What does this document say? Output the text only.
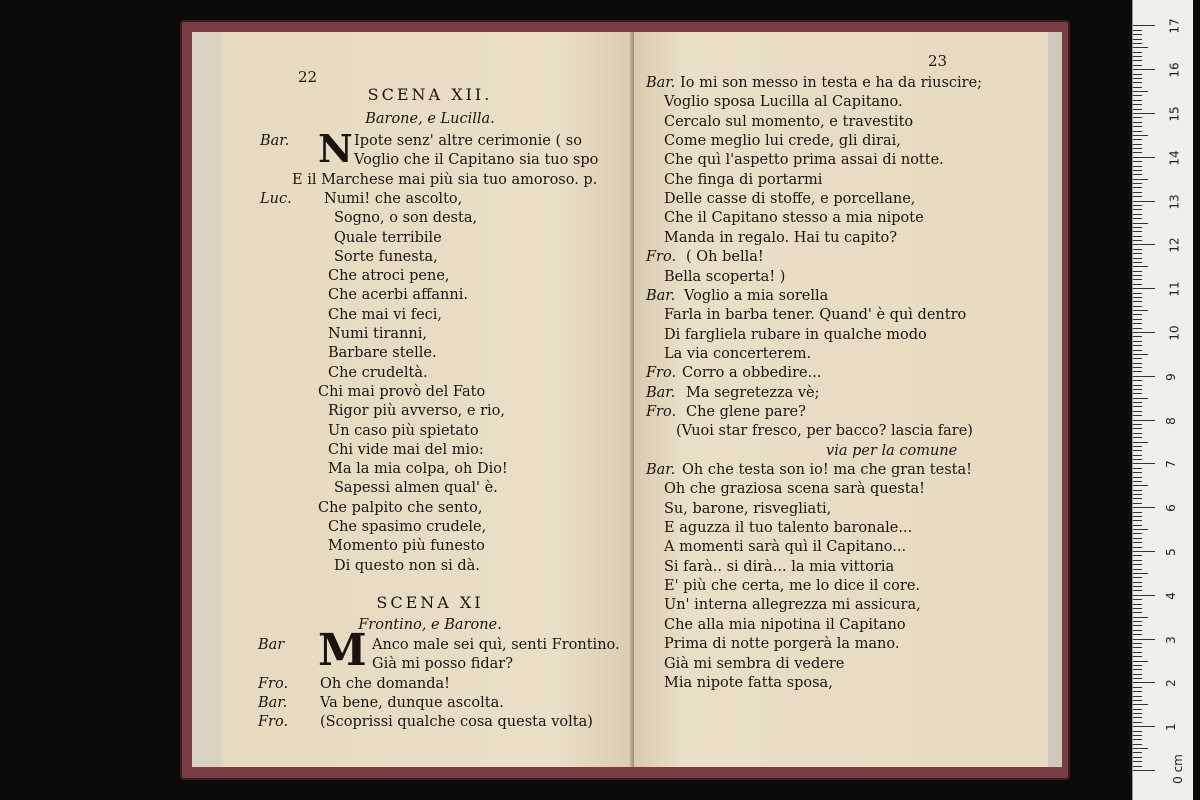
22
SCENA XII.
Barone, e Lucilla.
N
Bar.	Ipote senz' altre cerimonie ( so
Voglio che il Capitano sia tuo spo
E il Marchese mai più sia tuo amoroso. p.
Luc. Numi! che ascolto,
Sogno, o son desta,
Quale terribile
Sorte funesta,
Che atroci pene,
Che acerbi affanni.
Che mai vi feci,
Numi tiranni,
Barbare stelle.
Che crudeltà.
Chi mai provò del Fato
Rigor più avverso, e rio,
Un caso più spietato
Chi vide mai del mio:
Ma la mia colpa, oh Dio!
Sapessi almen qual' è.
Che palpito che sento,
Che spasimo crudele,
Momento più funesto
Di questo non si dà.
SCENA XI
Frontino, e Barone.
M
Bar	Anco male sei quì, senti Frontino.
Già mi posso fidar?
Fro. Oh che domanda!
Bar. Va bene, dunque ascolta.
Fro. (Scoprissi qualche cosa questa volta)
23
Bar. Io mi son messo in testa e ha da riuscire;
Voglio sposa Lucilla al Capitano.
Cercalo sul momento, e travestito
Come meglio lui crede, gli dirai,
Che quì l'aspetto prima assai di notte.
Che finga di portarmi
Delle casse di stoffe, e porcellane,
Che il Capitano stesso a mia nipote
Manda in regalo. Hai tu capito?
Fro. ( Oh bella!
Bella scoperta! )
Bar. Voglio a mia sorella
Farla in barba tener. Quand' è quì dentro
Di fargliela rubare in qualche modo
La via concerterem.
Fro. Corro a obbedire...
Bar. Ma segretezza vè;
Fro. Che glene pare?
(Vuoi star fresco, per bacco? lascia fare)
via per la comune
Bar. Oh che testa son io! ma che gran testa!
Oh che graziosa scena sarà questa!
Su, barone, risvegliati,
E aguzza il tuo talento baronale...
A momenti sarà quì il Capitano...
Si farà.. si dirà... la mia vittoria
E' più che certa, me lo dice il core.
Un' interna allegrezza mi assicura,
Che alla mia nipotina il Capitano
Prima di notte porgerà la mano.
Già mi sembra di vedere
Mia nipote fatta sposa,
17
16
15
14
13
12
11
10
9
8
7
6
5
4
3
2
1
0 cm
